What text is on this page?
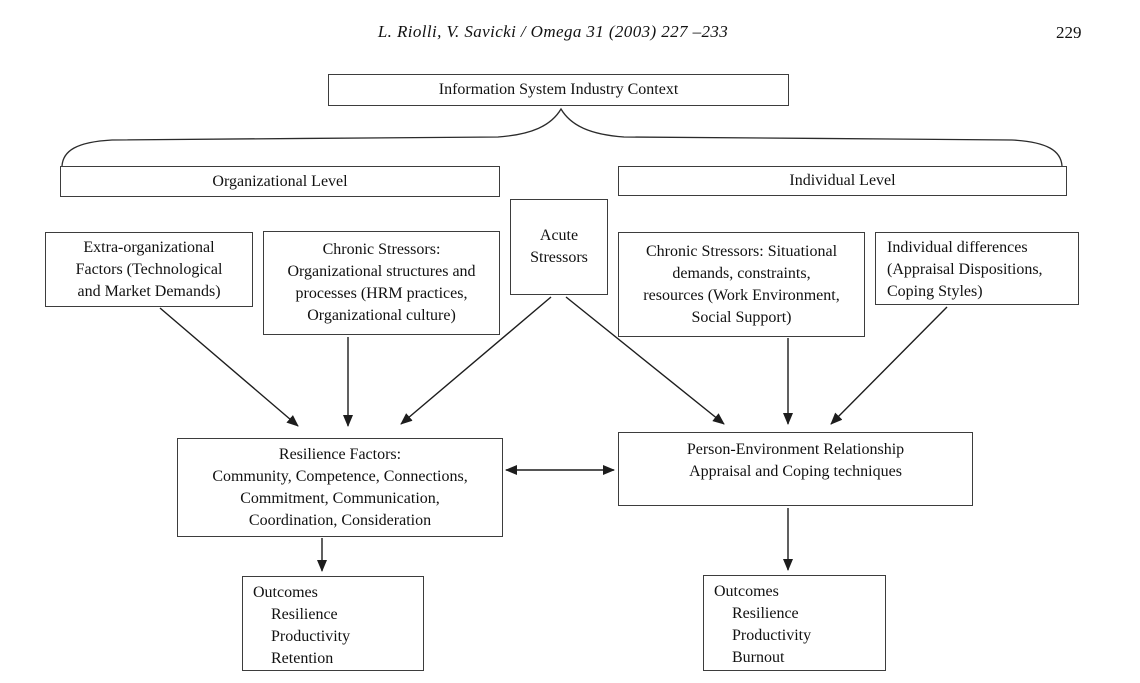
L. Riolli, V. Savicki / Omega 31 (2003) 227 –233	229
Information System Industry Context
Organizational Level	Individual Level
Extra-organizational
Factors (Technological
and Market Demands)
Chronic Stressors:
Organizational structures and
processes (HRM practices,
Organizational culture)
Acute
Stressors	Chronic Stressors: Situational
demands, constraints,
resources (Work Environment,
Social Support)
Individual differences
(Appraisal Dispositions,
Coping Styles)
Resilience Factors:
Community, Competence, Connections,
Commitment, Communication,
Coordination, Consideration
Person-Environment Relationship
Appraisal and Coping techniques
Outcomes
Resilience
Productivity
Retention
Outcomes
Resilience
Productivity
Burnout
